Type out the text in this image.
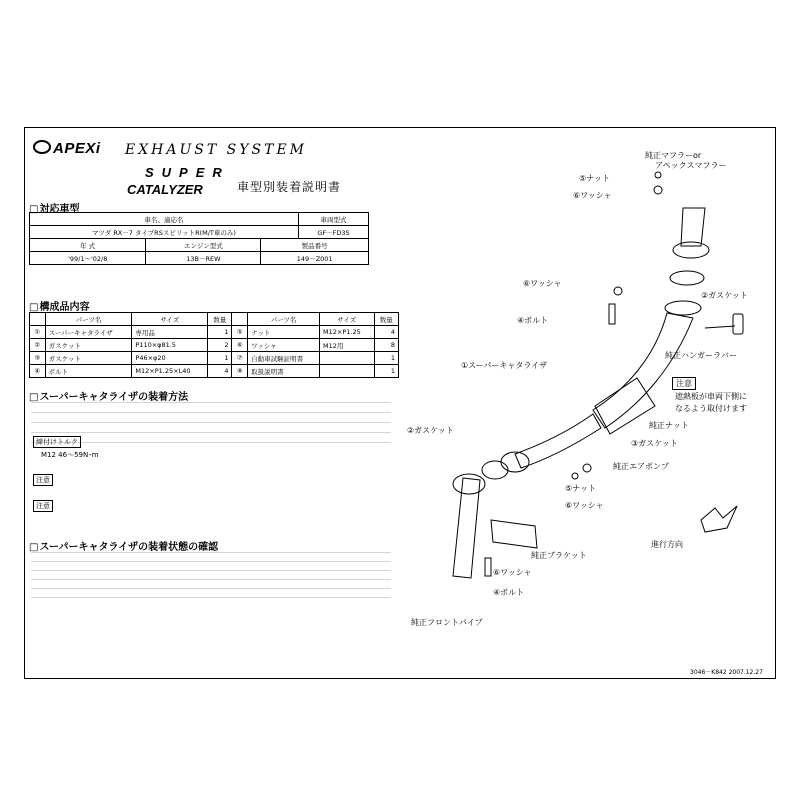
APEXi EXHAUST SYSTEM
SUPER
CATALYZER	車型別装着説明書
□ 対応車型
車名、適応名	車両型式
マツダ RX－7 タイプRSスピリットR(M/T車のみ)	GF－FD3S
年 式	エンジン型式	製品番号
'99/1～'02/8	13B－REW	149－Z001
□ 構成品内容
	パーツ名	サイズ	数量		パーツ名	サイズ	数量
①	スーパーキャタライザ	専用品	1	⑤	ナット	M12×P1.25	4
②	ガスケット	P110×φ81.5	2	⑥	ワッシャ	M12用	8
③	ガスケット	P46×φ20	1	⑦	自動車試験証明書		1
④	ボルト	M12×P1.25×L40	4	⑧	取扱説明書		1
□ スーパーキャタライザの装着方法
締付けトルク
M12 46～59N･m
注意
注意
□ スーパーキャタライザの装着状態の確認
純正マフラーor
アペックスマフラー
⑤ナット
⑥ワッシャ
⑥ワッシャ
②ガスケット
④ボルト
純正ハンガーラバー
①スーパーキャタライザ
注意
遮熱板が車両下側に
なるよう取付けます
②ガスケット
純正ナット
③ガスケット
純正エアポンプ
⑤ナット
⑥ワッシャ
進行方向
純正ブラケット
⑥ワッシャ
④ボルト
純正フロントパイプ
3046－K842 2007.12.27
